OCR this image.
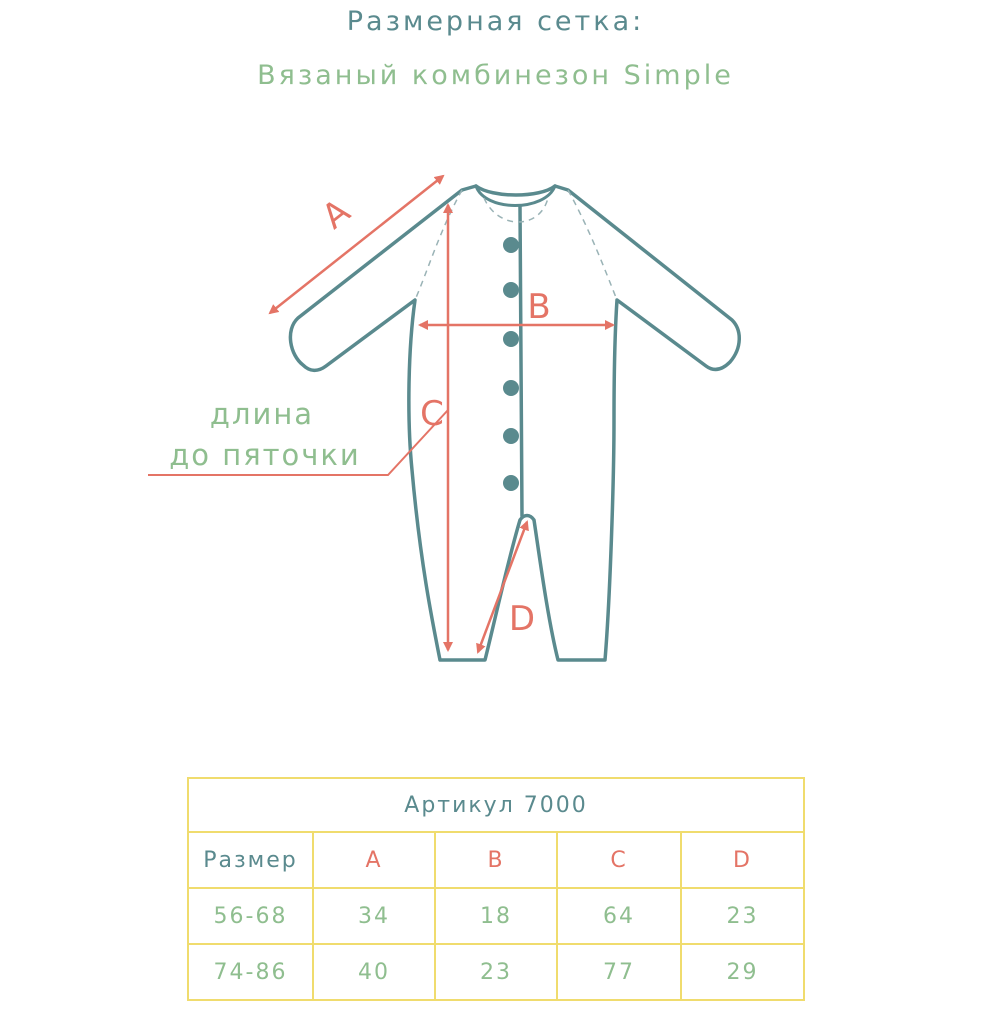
Размерная сетка:
Вязаный комбинезон Simple
A
B
C
D
длина
до пяточки
Артикул 7000				
Размер	A	B	C	D
56-68	34	18	64	23
74-86	40	23	77	29
